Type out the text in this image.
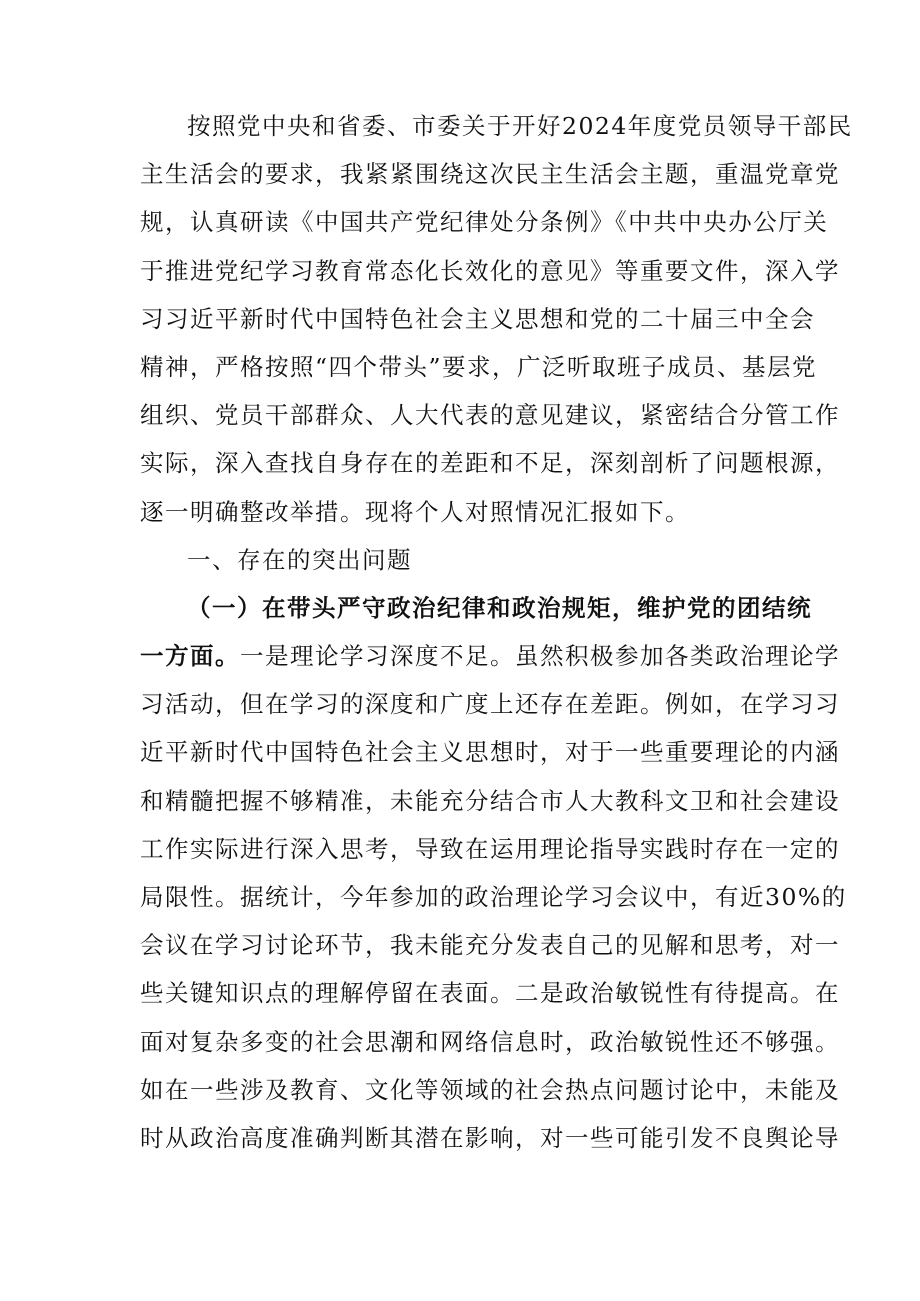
按照党中央和省委、市委关于开好2024年度党员领导干部民
主生活会的要求，我紧紧围绕这次民主生活会主题，重温党章党
规，认真研读《中国共产党纪律处分条例》《中共中央办公厅关
于推进党纪学习教育常态化长效化的意见》等重要文件，深入学
习习近平新时代中国特色社会主义思想和党的二十届三中全会
精神，严格按照“四个带头”要求，广泛听取班子成员、基层党
组织、党员干部群众、人大代表的意见建议，紧密结合分管工作
实际，深入查找自身存在的差距和不足，深刻剖析了问题根源，
逐一明确整改举措。现将个人对照情况汇报如下。
一、存在的突出问题
（一）在带头严守政治纪律和政治规矩，维护党的团结统
一方面。一是理论学习深度不足。虽然积极参加各类政治理论学
习活动，但在学习的深度和广度上还存在差距。例如，在学习习
近平新时代中国特色社会主义思想时，对于一些重要理论的内涵
和精髓把握不够精准，未能充分结合市人大教科文卫和社会建设
工作实际进行深入思考，导致在运用理论指导实践时存在一定的
局限性。据统计，今年参加的政治理论学习会议中，有近30%的
会议在学习讨论环节，我未能充分发表自己的见解和思考，对一
些关键知识点的理解停留在表面。二是政治敏锐性有待提高。在
面对复杂多变的社会思潮和网络信息时，政治敏锐性还不够强。
如在一些涉及教育、文化等领域的社会热点问题讨论中，未能及
时从政治高度准确判断其潜在影响，对一些可能引发不良舆论导
